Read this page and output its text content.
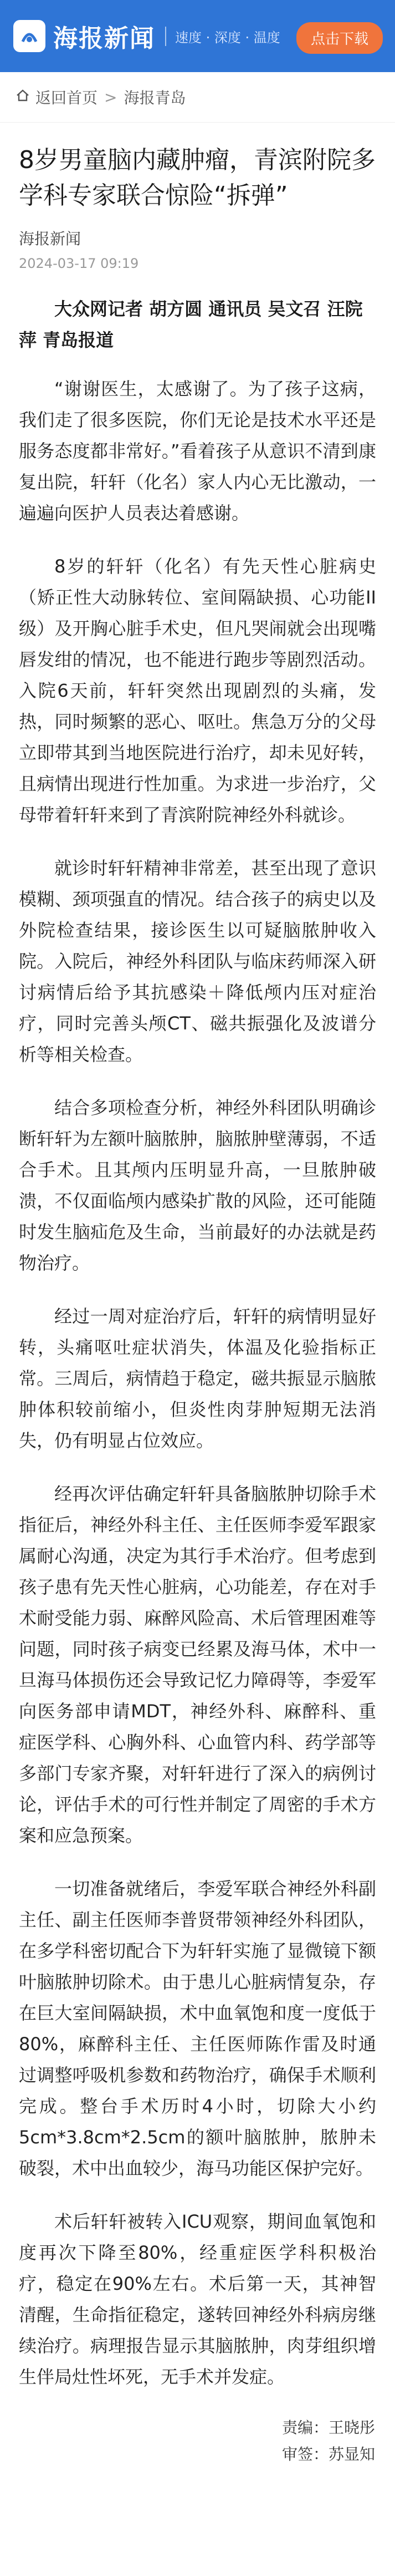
海报新闻	速度 · 深度 · 温度	点击下载
返回首页 > 海报青岛
8岁男童脑内藏肿瘤，青滨附院多学科专家联合惊险“拆弹”
海报新闻
2024-03-17 09:19

大众网记者 胡方圆 通讯员 吴文召 汪院萍 青岛报道

“谢谢医生，太感谢了。为了孩子这病，我们走了很多医院，你们无论是技术水平还是服务态度都非常好。”看着孩子从意识不清到康复出院，轩轩（化名）家人内心无比激动，一遍遍向医护人员表达着感谢。

8岁的轩轩（化名）有先天性心脏病史（矫正性大动脉转位、室间隔缺损、心功能II级）及开胸心脏手术史，但凡哭闹就会出现嘴唇发绀的情况，也不能进行跑步等剧烈活动。入院6天前，轩轩突然出现剧烈的头痛，发热，同时频繁的恶心、呕吐。焦急万分的父母立即带其到当地医院进行治疗，却未见好转，且病情出现进行性加重。为求进一步治疗，父母带着轩轩来到了青滨附院神经外科就诊。

就诊时轩轩精神非常差，甚至出现了意识模糊、颈项强直的情况。结合孩子的病史以及外院检查结果，接诊医生以可疑脑脓肿收入院。入院后，神经外科团队与临床药师深入研讨病情后给予其抗感染＋降低颅内压对症治疗，同时完善头颅CT、磁共振强化及波谱分析等相关检查。

结合多项检查分析，神经外科团队明确诊断轩轩为左额叶脑脓肿，脑脓肿壁薄弱，不适合手术。且其颅内压明显升高，一旦脓肿破溃，不仅面临颅内感染扩散的风险，还可能随时发生脑疝危及生命，当前最好的办法就是药物治疗。

经过一周对症治疗后，轩轩的病情明显好转，头痛呕吐症状消失，体温及化验指标正常。三周后，病情趋于稳定，磁共振显示脑脓肿体积较前缩小，但炎性肉芽肿短期无法消失，仍有明显占位效应。

经再次评估确定轩轩具备脑脓肿切除手术指征后，神经外科主任、主任医师李爱军跟家属耐心沟通，决定为其行手术治疗。但考虑到孩子患有先天性心脏病，心功能差，存在对手术耐受能力弱、麻醉风险高、术后管理困难等问题，同时孩子病变已经累及海马体，术中一旦海马体损伤还会导致记忆力障碍等，李爱军向医务部申请MDT，神经外科、麻醉科、重症医学科、心胸外科、心血管内科、药学部等多部门专家齐聚，对轩轩进行了深入的病例讨论，评估手术的可行性并制定了周密的手术方案和应急预案。

一切准备就绪后，李爱军联合神经外科副主任、副主任医师李普贤带领神经外科团队，在多学科密切配合下为轩轩实施了显微镜下额叶脑脓肿切除术。由于患儿心脏病情复杂，存在巨大室间隔缺损，术中血氧饱和度一度低于80%，麻醉科主任、主任医师陈作雷及时通过调整呼吸机参数和药物治疗，确保手术顺利完成。整台手术历时4小时，切除大小约5cm*3.8cm*2.5cm的额叶脑脓肿，脓肿未破裂，术中出血较少，海马功能区保护完好。

术后轩轩被转入ICU观察，期间血氧饱和度再次下降至80%，经重症医学科积极治疗，稳定在90%左右。术后第一天，其神智清醒，生命指征稳定，遂转回神经外科病房继续治疗。病理报告显示其脑脓肿，肉芽组织增生伴局灶性坏死，无手术并发症。

责编：王晓彤
审签：苏显知
